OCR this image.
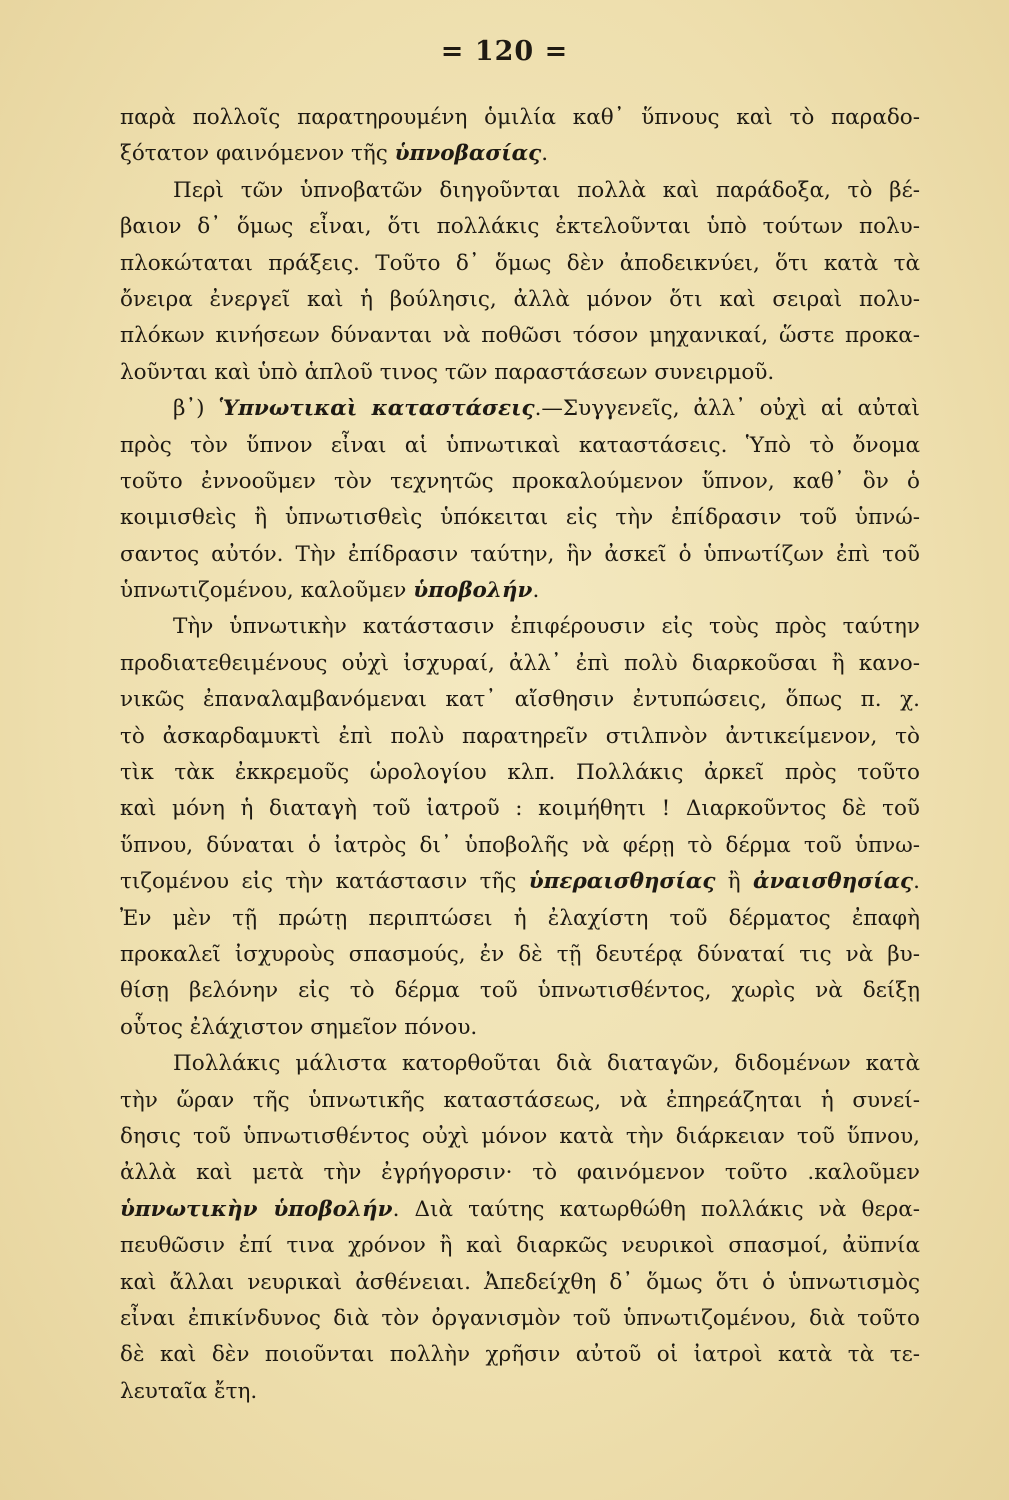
= 120 =
παρὰ πολλοῖς παρατηρουμένη ὁμιλία καθ᾽ ὕπνους καὶ τὸ παραδο-
ξότατον φαινόμενον τῆς ὑπνοβασίας.
Περὶ τῶν ὑπνοβατῶν διηγοῦνται πολλὰ καὶ παράδοξα, τὸ βέ-
βαιον δ᾽ ὅμως εἶναι, ὅτι πολλάκις ἐκτελοῦνται ὑπὸ τούτων πολυ-
πλοκώταται πράξεις. Τοῦτο δ᾽ ὅμως δὲν ἀποδεικνύει, ὅτι κατὰ τὰ
ὄνειρα ἐνεργεῖ καὶ ἡ βούλησις, ἀλλὰ μόνον ὅτι καὶ σειραὶ πολυ-
πλόκων κινήσεων δύνανται νὰ ποθῶσι τόσον μηχανικαί, ὥστε προκα-
λοῦνται καὶ ὑπὸ ἁπλοῦ τινος τῶν παραστάσεων συνειρμοῦ.
β᾽) Ὑπνωτικαὶ καταστάσεις.—Συγγενεῖς, ἀλλ᾽ οὐχὶ αἱ αὐταὶ
πρὸς τὸν ὕπνον εἶναι αἱ ὑπνωτικαὶ καταστάσεις. Ὑπὸ τὸ ὄνομα
τοῦτο ἐννοοῦμεν τὸν τεχνητῶς προκαλούμενον ὕπνον, καθ᾽ ὃν ὁ
κοιμισθεὶς ἢ ὑπνωτισθεὶς ὑπόκειται εἰς τὴν ἐπίδρασιν τοῦ ὑπνώ-
σαντος αὐτόν. Τὴν ἐπίδρασιν ταύτην, ἣν ἀσκεῖ ὁ ὑπνωτίζων ἐπὶ τοῦ
ὑπνωτιζομένου, καλοῦμεν ὑποβολήν.
Τὴν ὑπνωτικὴν κατάστασιν ἐπιφέρουσιν εἰς τοὺς πρὸς ταύτην
προδιατεθειμένους οὐχὶ ἰσχυραί, ἀλλ᾽ ἐπὶ πολὺ διαρκοῦσαι ἢ κανο-
νικῶς ἐπαναλαμβανόμεναι κατ᾽ αἴσθησιν ἐντυπώσεις, ὅπως π. χ.
τὸ ἀσκαρδαμυκτὶ ἐπὶ πολὺ παρατηρεῖν στιλπνὸν ἀντικείμενον, τὸ
τὶκ τὰκ ἐκκρεμοῦς ὡρολογίου κλπ. Πολλάκις ἀρκεῖ πρὸς τοῦτο
καὶ μόνη ἡ διαταγὴ τοῦ ἰατροῦ : κοιμήθητι ! Διαρκοῦντος δὲ τοῦ
ὕπνου, δύναται ὁ ἰατρὸς δι᾽ ὑποβολῆς νὰ φέρῃ τὸ δέρμα τοῦ ὑπνω-
τιζομένου εἰς τὴν κατάστασιν τῆς ὑπεραισθησίας ἢ ἀναισθησίας.
Ἐν μὲν τῇ πρώτῃ περιπτώσει ἡ ἐλαχίστη τοῦ δέρματος ἐπαφὴ
προκαλεῖ ἰσχυροὺς σπασμούς, ἐν δὲ τῇ δευτέρᾳ δύναταί τις νὰ βυ-
θίσῃ βελόνην εἰς τὸ δέρμα τοῦ ὑπνωτισθέντος, χωρὶς νὰ δείξῃ
οὗτος ἐλάχιστον σημεῖον πόνου.
Πολλάκις μάλιστα κατορθοῦται διὰ διαταγῶν, διδομένων κατὰ
τὴν ὥραν τῆς ὑπνωτικῆς καταστάσεως, νὰ ἐπηρεάζηται ἡ συνεί-
δησις τοῦ ὑπνωτισθέντος οὐχὶ μόνον κατὰ τὴν διάρκειαν τοῦ ὕπνου,
ἀλλὰ καὶ μετὰ τὴν ἐγρήγορσιν· τὸ φαινόμενον τοῦτο .καλοῦμεν
ὑπνωτικὴν ὑποβολήν. Διὰ ταύτης κατωρθώθη πολλάκις νὰ θερα-
πευθῶσιν ἐπί τινα χρόνον ἢ καὶ διαρκῶς νευρικοὶ σπασμοί, ἀϋπνία
καὶ ἄλλαι νευρικαὶ ἀσθένειαι. Ἀπεδείχθη δ᾽ ὅμως ὅτι ὁ ὑπνωτισμὸς
εἶναι ἐπικίνδυνος διὰ τὸν ὀργανισμὸν τοῦ ὑπνωτιζομένου, διὰ τοῦτο
δὲ καὶ δὲν ποιοῦνται πολλὴν χρῆσιν αὐτοῦ οἱ ἰατροὶ κατὰ τὰ τε-
λευταῖα ἔτη.
